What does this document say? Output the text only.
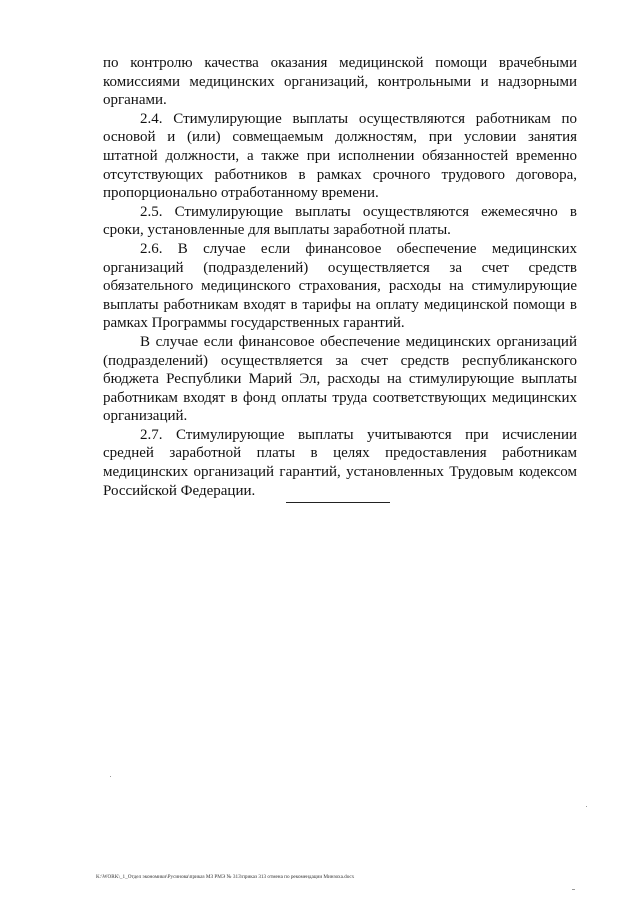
по контролю качества оказания медицинской помощи врачебными комиссиями медицинских организаций, контрольными и надзорными органами.

2.4. Стимулирующие выплаты осуществляются работникам по основой и (или) совмещаемым должностям, при условии занятия штатной должности, а также при исполнении обязанностей временно отсутствующих работников в рамках срочного трудового договора, пропорционально отработанному времени.

2.5. Стимулирующие выплаты осуществляются ежемесячно в сроки, установленные для выплаты заработной платы.

2.6. В случае если финансовое обеспечение медицинских организаций (подразделений) осуществляется за счет средств обязательного медицинского страхования, расходы на стимулирующие выплаты работникам входят в тарифы на оплату медицинской помощи в рамках Программы государственных гарантий.

В случае если финансовое обеспечение медицинских организаций (подразделений) осуществляется за счет средств республиканского бюджета Республики Марий Эл, расходы на стимулирующие выплаты работникам входят в фонд оплаты труда соответствующих медицинских организаций.

2.7. Стимулирующие выплаты учитываются при исчислении средней заработной платы в целях предоставления работникам медицинских организаций гарантий, установленных Трудовым кодексом Российской Федерации.

K:\WORK\_1_Отдел экономики\Русинова\приказ МЗ РМЭ № 313\приказ 313 отмена по рекомендации Минзоха.docx
